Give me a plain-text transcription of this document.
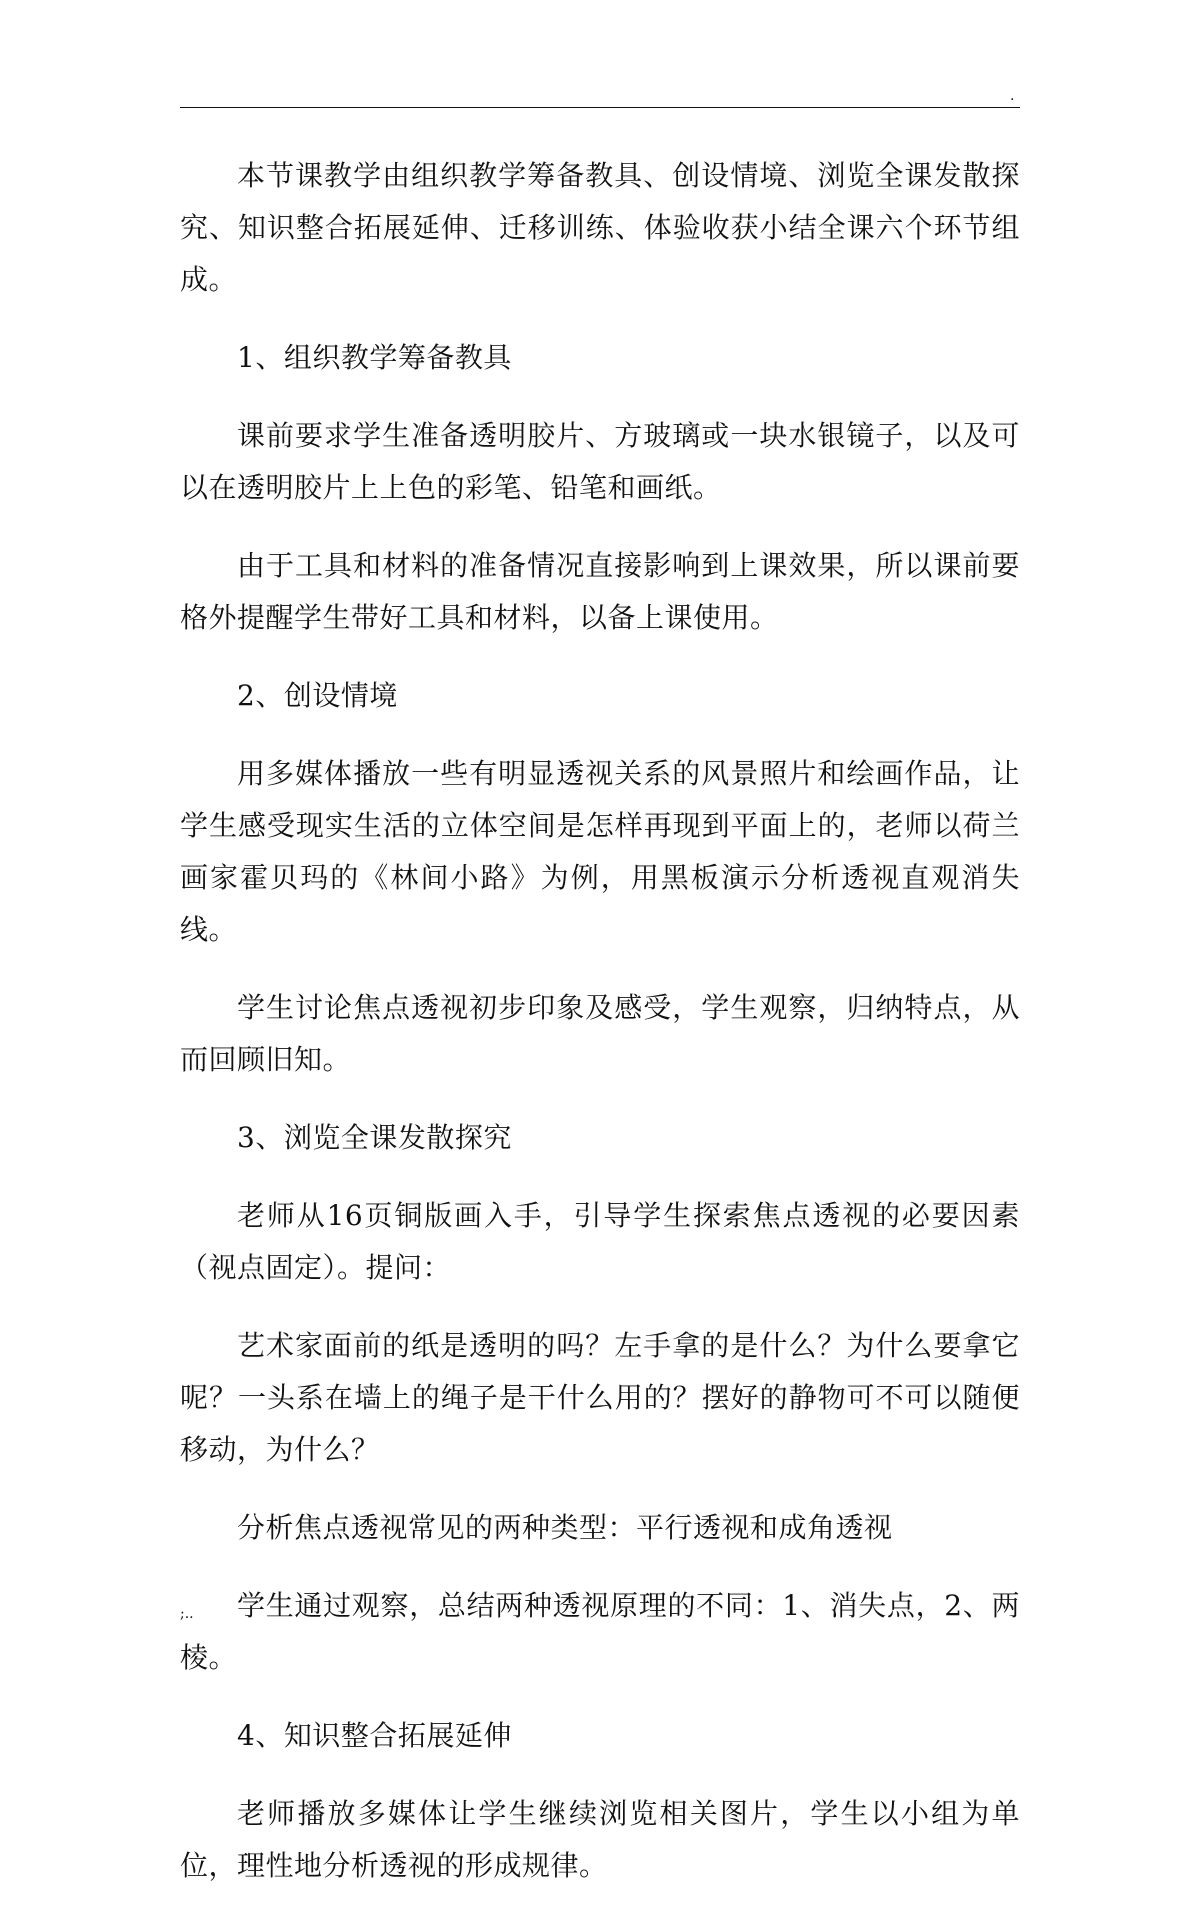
.

本节课教学由组织教学筹备教具、创设情境、浏览全课发散探究、知识整合拓展延伸、迁移训练、体验收获小结全课六个环节组成。

1、组织教学筹备教具

课前要求学生准备透明胶片、方玻璃或一块水银镜子，以及可以在透明胶片上上色的彩笔、铅笔和画纸。

由于工具和材料的准备情况直接影响到上课效果，所以课前要格外提醒学生带好工具和材料，以备上课使用。

2、创设情境

用多媒体播放一些有明显透视关系的风景照片和绘画作品，让学生感受现实生活的立体空间是怎样再现到平面上的，老师以荷兰画家霍贝玛的《林间小路》为例，用黑板演示分析透视直观消失线。

学生讨论焦点透视初步印象及感受，学生观察，归纳特点，从而回顾旧知。

3、浏览全课发散探究

老师从16页铜版画入手，引导学生探索焦点透视的必要因素（视点固定）。提问：

艺术家面前的纸是透明的吗？左手拿的是什么？为什么要拿它呢？一头系在墙上的绳子是干什么用的？摆好的静物可不可以随便移动，为什么？

分析焦点透视常见的两种类型：平行透视和成角透视

学生通过观察，总结两种透视原理的不同：1、消失点，2、两棱。

4、知识整合拓展延伸

老师播放多媒体让学生继续浏览相关图片，学生以小组为单位，理性地分析透视的形成规律。

;..
